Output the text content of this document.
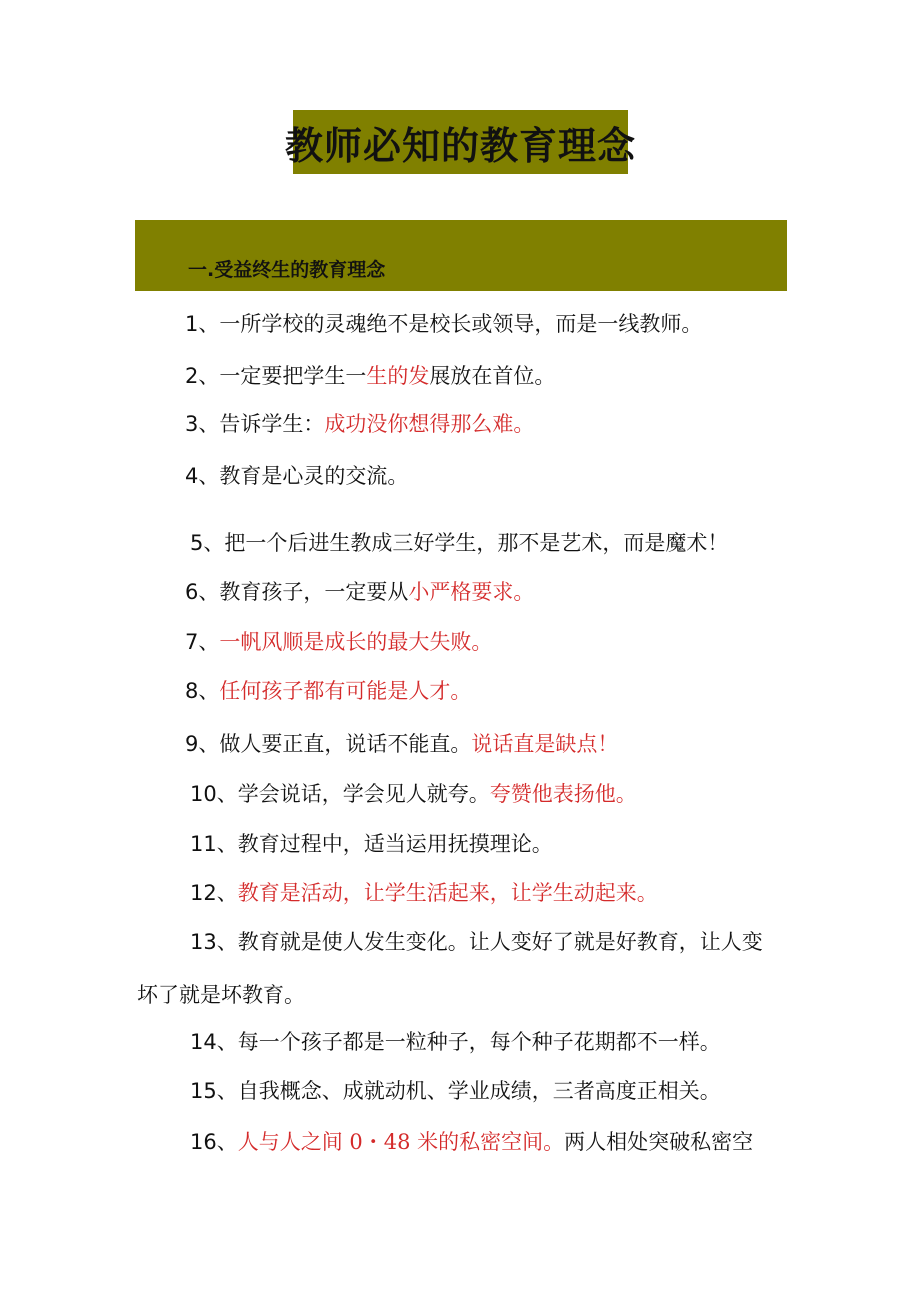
教师必知的教育理念
一.受益终生的教育理念
1、一所学校的灵魂绝不是校长或领导，而是一线教师。
2、一定要把学生一生的发展放在首位。
3、告诉学生：成功没你想得那么难。
4、教育是心灵的交流。
5、把一个后进生教成三好学生，那不是艺术，而是魔术！
6、教育孩子，一定要从小严格要求。
7、一帆风顺是成长的最大失败。
8、任何孩子都有可能是人才。
9、做人要正直，说话不能直。说话直是缺点！
10、学会说话，学会见人就夸。夸赞他表扬他。
11、教育过程中，适当运用抚摸理论。
12、教育是活动，让学生活起来，让学生动起来。
13、教育就是使人发生变化。让人变好了就是好教育，让人变
坏了就是坏教育。
14、每一个孩子都是一粒种子，每个种子花期都不一样。
15、自我概念、成就动机、学业成绩，三者高度正相关。
16、人与人之间 0・48 米的私密空间。两人相处突破私密空
